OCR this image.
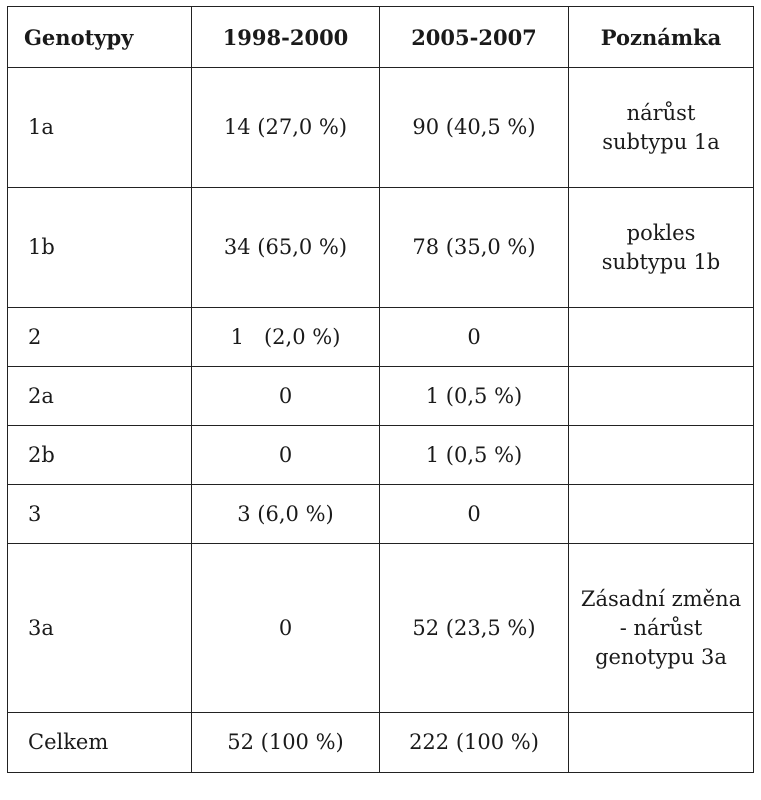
Genotypy	1998-2000	2005-2007	Poznámka
1a	14 (27,0 %)	90 (40,5 %)	nárůst
subtypu 1a
1b	34 (65,0 %)	78 (35,0 %)	pokles
subtypu 1b
2	1   (2,0 %)	0	
2a	0	1 (0,5 %)	
2b	0	1 (0,5 %)	
3	3 (6,0 %)	0	
3a	0	52 (23,5 %)	Zásadní změna
- nárůst
genotypu 3a
Celkem	52 (100 %)	222 (100 %)	
